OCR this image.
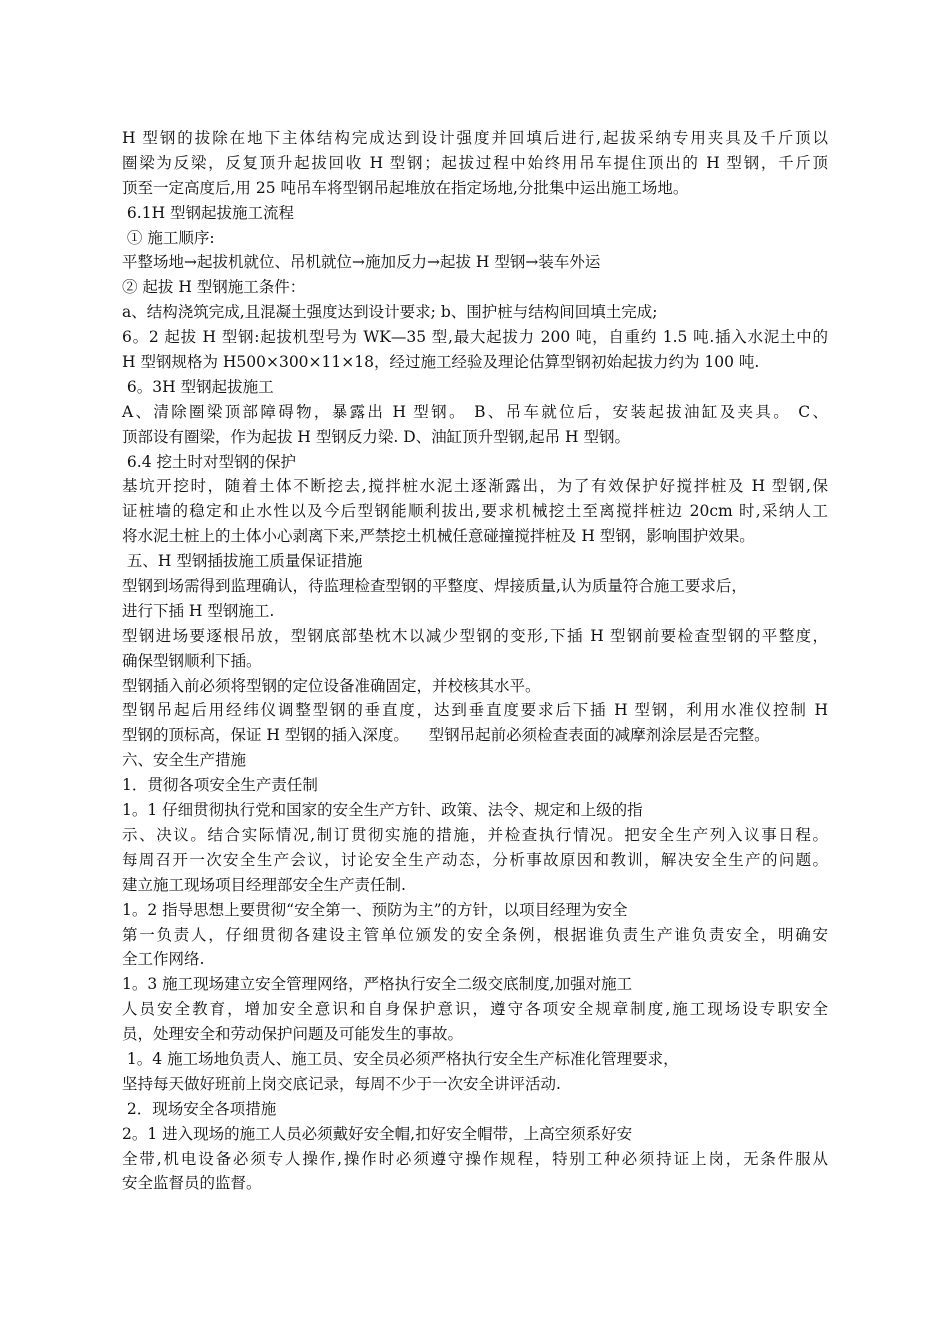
H 型钢的拔除在地下主体结构完成达到设计强度并回填后进行,起拔采纳专用夹具及千斤顶以
圈梁为反梁，反复顶升起拔回收 H 型钢；起拔过程中始终用吊车提住顶出的 H 型钢，千斤顶
顶至一定高度后,用 25 吨吊车将型钢吊起堆放在指定场地,分批集中运出施工场地。
6.1H 型钢起拔施工流程
① 施工顺序:
平整场地→起拔机就位、吊机就位→施加反力→起拔 H 型钢→装车外运
② 起拔 H 型钢施工条件：
a、结构浇筑完成,且混凝土强度达到设计要求; b、围护桩与结构间回填土完成;
6。2 起拔 H 型钢:起拔机型号为 WK—35 型,最大起拔力 200 吨，自重约 1.5 吨.插入水泥土中的
H 型钢规格为 H500×300×11×18，经过施工经验及理论估算型钢初始起拔力约为 100 吨.
6。3H 型钢起拔施工
A、清除圈梁顶部障碍物，暴露出 H 型钢。 B、吊车就位后，安装起拔油缸及夹具。 C、
顶部设有圈梁，作为起拔 H 型钢反力梁. D、油缸顶升型钢,起吊 H 型钢。
6.4 挖土时对型钢的保护
基坑开挖时，随着土体不断挖去,搅拌桩水泥土逐渐露出，为了有效保护好搅拌桩及 H 型钢,保
证桩墙的稳定和止水性以及今后型钢能顺利拔出,要求机械挖土至离搅拌桩边 20cm 时,采纳人工
将水泥土桩上的土体小心剥离下来,严禁挖土机械任意碰撞搅拌桩及 H 型钢，影响围护效果。
五、H 型钢插拔施工质量保证措施
型钢到场需得到监理确认，待监理检查型钢的平整度、焊接质量,认为质量符合施工要求后，
进行下插 H 型钢施工.
型钢进场要逐根吊放，型钢底部垫枕木以减少型钢的变形,下插 H 型钢前要检查型钢的平整度，
确保型钢顺利下插。
型钢插入前必须将型钢的定位设备准确固定，并校核其水平。
型钢吊起后用经纬仪调整型钢的垂直度，达到垂直度要求后下插 H 型钢，利用水准仪控制 H
型钢的顶标高，保证 H 型钢的插入深度。    型钢吊起前必须检查表面的减摩剂涂层是否完整。
六、安全生产措施
1．贯彻各项安全生产责任制
1。1 仔细贯彻执行党和国家的安全生产方针、政策、法令、规定和上级的指
示、决议。结合实际情况,制订贯彻实施的措施，并检查执行情况。把安全生产列入议事日程。
每周召开一次安全生产会议，讨论安全生产动态，分析事故原因和教训，解决安全生产的问题。
建立施工现场项目经理部安全生产责任制.
1。2 指导思想上要贯彻“安全第一、预防为主”的方针，以项目经理为安全
第一负责人，仔细贯彻各建设主管单位颁发的安全条例，根据谁负责生产谁负责安全，明确安
全工作网络.
1。3 施工现场建立安全管理网络，严格执行安全二级交底制度,加强对施工
人员安全教育，增加安全意识和自身保护意识，遵守各项安全规章制度,施工现场设专职安全
员，处理安全和劳动保护问题及可能发生的事故。
1。4 施工场地负责人、施工员、安全员必须严格执行安全生产标准化管理要求，
坚持每天做好班前上岗交底记录，每周不少于一次安全讲评活动.
2．现场安全各项措施
2。1 进入现场的施工人员必须戴好安全帽,扣好安全帽带，上高空须系好安
全带,机电设备必须专人操作,操作时必须遵守操作规程，特别工种必须持证上岗，无条件服从
安全监督员的监督。
